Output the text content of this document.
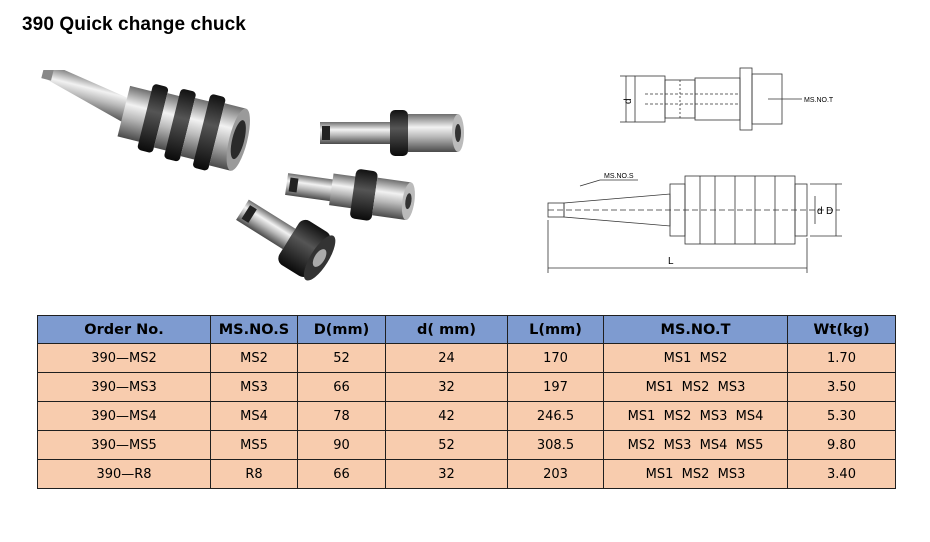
390 Quick change chuck
d	MS.NO.T
MS.NO.S
d D
L
Order No.	MS.NO.S	D(mm)	d( mm)	L(mm)	MS.NO.T	Wt(kg)
390—MS2	MS2	52	24	170	MS1  MS2	1.70
390—MS3	MS3	66	32	197	MS1  MS2  MS3	3.50
390—MS4	MS4	78	42	246.5	MS1  MS2  MS3  MS4	5.30
390—MS5	MS5	90	52	308.5	MS2  MS3  MS4  MS5	9.80
390—R8	R8	66	32	203	MS1  MS2  MS3	3.40
